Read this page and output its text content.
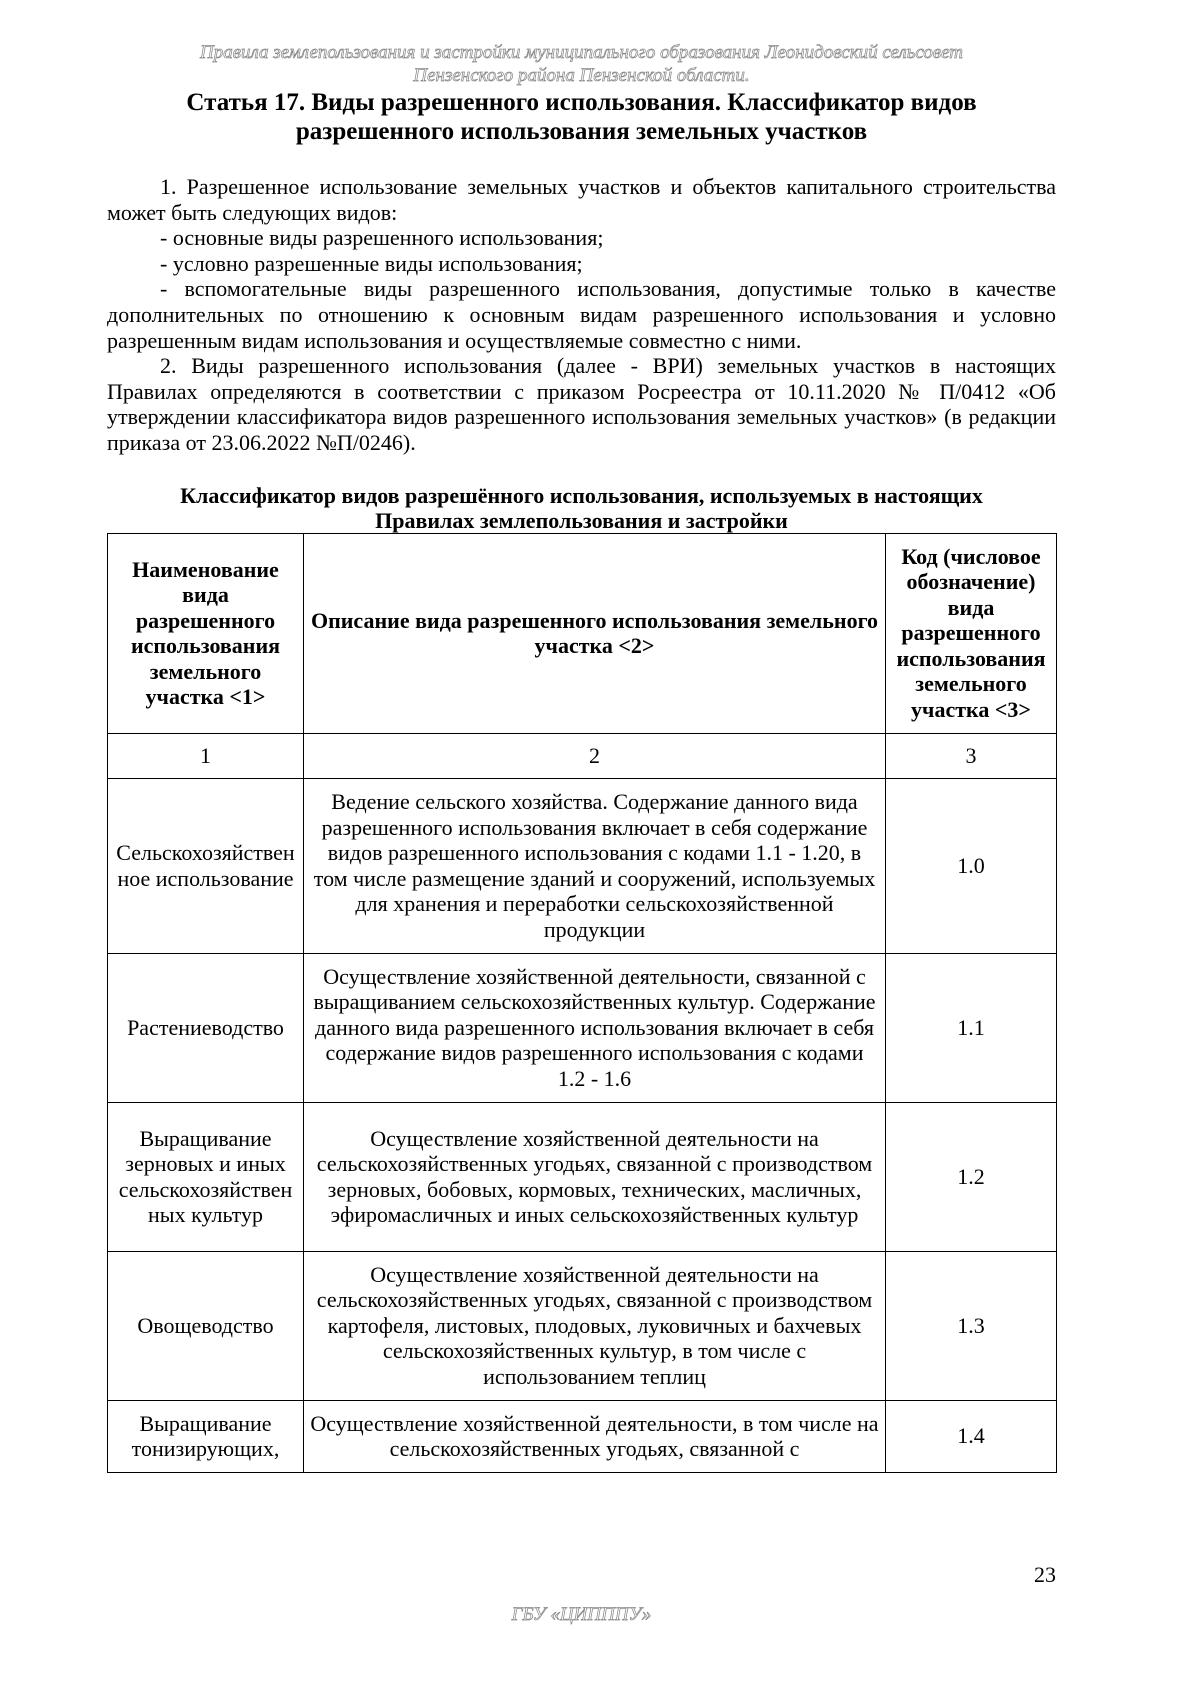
Правила землепользования и застройки муниципального образования Леонидовский сельсовет
Пензенского района Пензенской области.
Статья 17. Виды разрешенного использования. Классификатор видов
разрешенного использования земельных участков

1. Разрешенное использование земельных участков и объектов капитального строительства может быть следующих видов:

- основные виды разрешенного использования;

- условно разрешенные виды использования;

- вспомогательные виды разрешенного использования, допустимые только в качестве дополнительных по отношению к основным видам разрешенного использования и условно разрешенным видам использования и осуществляемые совместно с ними.

2. Виды разрешенного использования (далее - ВРИ) земельных участков в настоящих Правилах определяются в соответствии с приказом Росреестра от 10.11.2020 № П/0412 «Об утверждении классификатора видов разрешенного использования земельных участков» (в редакции приказа от 23.06.2022 №П/0246).

Классификатор видов разрешённого использования, используемых в настоящих
Правилах землепользования и застройки
Наименование вида разрешенного использования земельного участка <1>	Описание вида разрешенного использования земельного участка <2>	Код (числовое обозначение) вида разрешенного использования земельного участка <3>
1	2	3
Сельскохозяйственное использование	Ведение сельского хозяйства. Содержание данного вида разрешенного использования включает в себя содержание видов разрешенного использования с кодами 1.1 - 1.20, в том числе размещение зданий и сооружений, используемых для хранения и переработки сельскохозяйственной продукции	1.0
Растениеводство	Осуществление хозяйственной деятельности, связанной с выращиванием сельскохозяйственных культур. Содержание данного вида разрешенного использования включает в себя содержание видов разрешенного использования с кодами 1.2 - 1.6	1.1
Выращивание зерновых и иных сельскохозяйственных культур	Осуществление хозяйственной деятельности на сельскохозяйственных угодьях, связанной с производством зерновых, бобовых, кормовых, технических, масличных, эфиромасличных и иных сельскохозяйственных культур	1.2
Овощеводство	Осуществление хозяйственной деятельности на сельскохозяйственных угодьях, связанной с производством картофеля, листовых, плодовых, луковичных и бахчевых сельскохозяйственных культур, в том числе с использованием теплиц	1.3
Выращивание тонизирующих,	Осуществление хозяйственной деятельности, в том числе на сельскохозяйственных угодьях, связанной с	1.4
23
ГБУ «ЦИПППУ»
